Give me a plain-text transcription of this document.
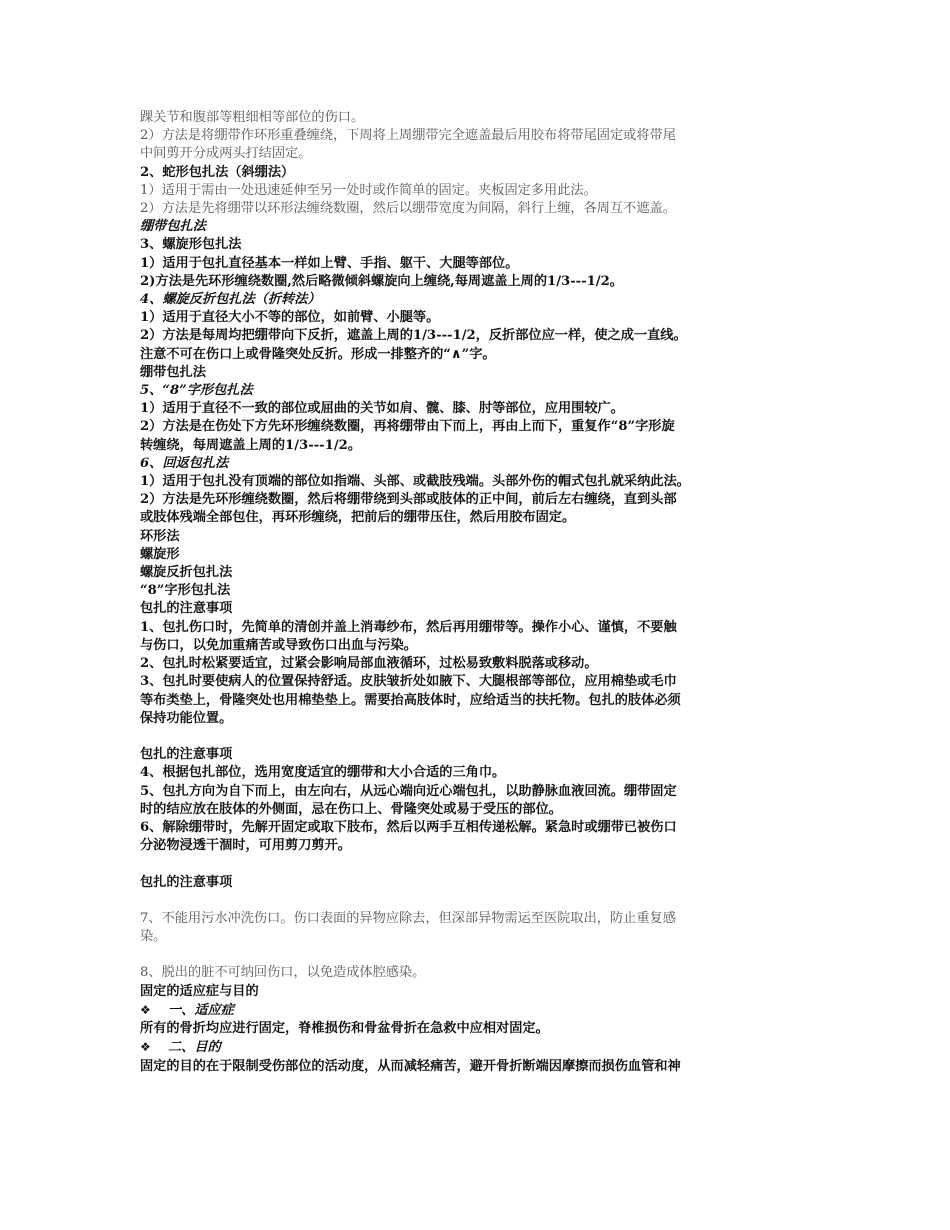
踝关节和腹部等粗细相等部位的伤口。
2）方法是将绷带作环形重叠缠绕，下周将上周绷带完全遮盖最后用胶布将带尾固定或将带尾
中间剪开分成两头打结固定。
2、蛇形包扎法（斜绷法）
1）适用于需由一处迅速延伸至另一处时或作简单的固定。夹板固定多用此法。
2）方法是先将绷带以环形法缠绕数圈，然后以绷带宽度为间隔，斜行上缠，各周互不遮盖。
绷带包扎法
3、螺旋形包扎法
1）适用于包扎直径基本一样如上臂、手指、躯干、大腿等部位。
2)方法是先环形缠绕数圈,然后略微倾斜螺旋向上缠绕,每周遮盖上周的1/3---1/2。
4、螺旋反折包扎法（折转法）
1）适用于直径大小不等的部位，如前臂、小腿等。
2）方法是每周均把绷带向下反折，遮盖上周的1/3---1/2，反折部位应一样，使之成一直线。
注意不可在伤口上或骨隆突处反折。形成一排整齐的“∧”字。
绷带包扎法
5、“8”字形包扎法
1）适用于直径不一致的部位或屈曲的关节如肩、髋、膝、肘等部位，应用围较广。
2）方法是在伤处下方先环形缠绕数圈，再将绷带由下而上，再由上而下，重复作“8”字形旋
转缠绕，每周遮盖上周的1/3---1/2。
6、回返包扎法
1）适用于包扎没有顶端的部位如指端、头部、或截肢残端。头部外伤的帽式包扎就采纳此法。
2）方法是先环形缠绕数圈，然后将绷带绕到头部或肢体的正中间，前后左右缠绕，直到头部
或肢体残端全部包住，再环形缠绕，把前后的绷带压住，然后用胶布固定。
环形法
螺旋形
螺旋反折包扎法
“8”字形包扎法
包扎的注意事项
1、包扎伤口时，先简单的清创并盖上消毒纱布，然后再用绷带等。操作小心、谨慎，不要触
与伤口，以免加重痛苦或导致伤口出血与污染。
2、包扎时松紧要适宜，过紧会影响局部血液循环，过松易致敷料脱落或移动。
3、包扎时要使病人的位置保持舒适。皮肤皱折处如腋下、大腿根部等部位，应用棉垫或毛巾
等布类垫上，骨隆突处也用棉垫垫上。需要抬高肢体时，应给适当的扶托物。包扎的肢体必须
保持功能位置。
包扎的注意事项
4、根据包扎部位，选用宽度适宜的绷带和大小合适的三角巾。
5、包扎方向为自下而上，由左向右，从远心端向近心端包扎，以助静脉血液回流。绷带固定
时的结应放在肢体的外侧面，忌在伤口上、骨隆突处或易于受压的部位。
6、解除绷带时，先解开固定或取下肢布，然后以两手互相传递松解。紧急时或绷带已被伤口
分泌物浸透干涸时，可用剪刀剪开。
包扎的注意事项
7、不能用污水冲洗伤口。伤口表面的异物应除去，但深部异物需运至医院取出，防止重复感
染。
8、脱出的脏不可纳回伤口，以免造成体腔感染。
固定的适应症与目的
❖ 一、适应症
所有的骨折均应进行固定，脊椎损伤和骨盆骨折在急救中应相对固定。
❖ 二、目的
固定的目的在于限制受伤部位的活动度，从而减轻痛苦，避开骨折断端因摩擦而损伤血管和神
